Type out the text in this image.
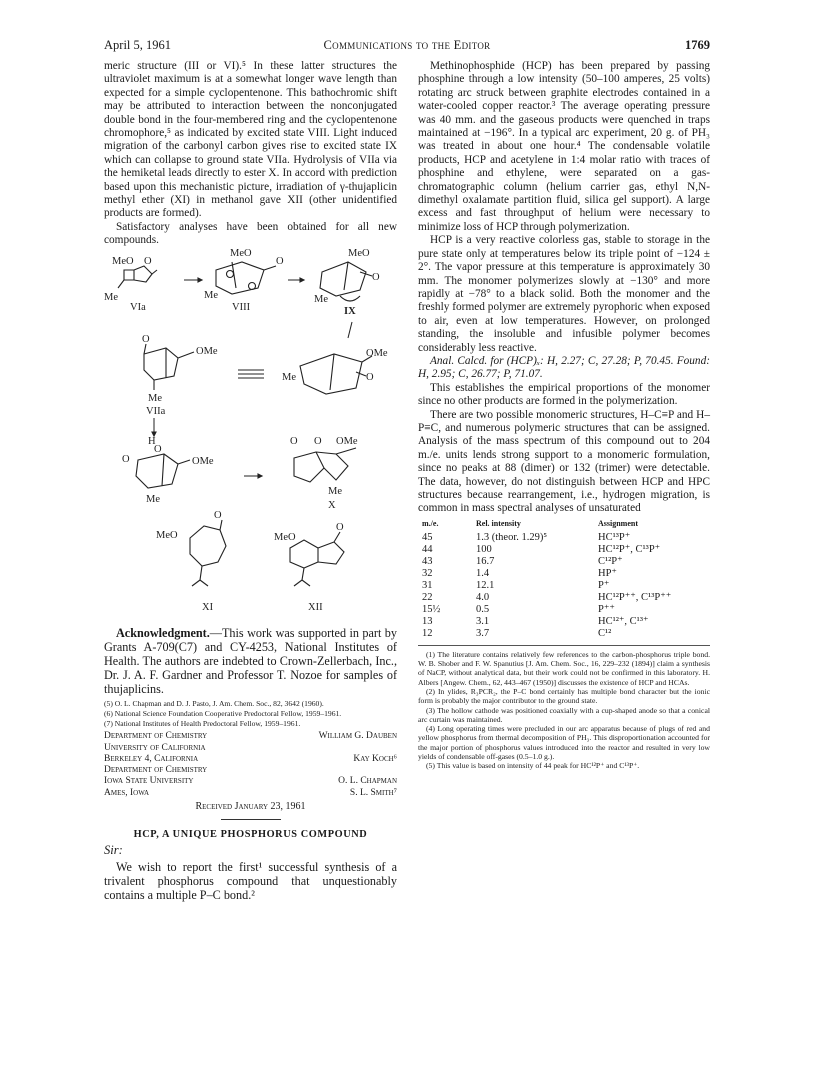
April 5, 1961	Communications to the Editor	1769

meric structure (III or VI).⁵ In these latter structures the ultraviolet maximum is at a somewhat longer wave length than expected for a simple cyclopentenone. This bathochromic shift may be attributed to interaction between the nonconjugated double bond in the four-membered ring and the cyclopentenone chromophore,⁵ as indicated by excited state VIII. Light induced migration of the carbonyl carbon gives rise to excited state IX which can collapse to ground state VIIa. Hydrolysis of VIIa via the hemiketal leads directly to ester X. In accord with prediction based upon this mechanistic picture, irradiation of γ-thujaplicin methyl ether (XI) in methanol gave XII (other unidentified products are formed).

Satisfactory analyses have been obtained for all new compounds.

MeO O
Me
VIa
MeO
O
Me
VIII
MeO
O
Me
IX
O
OMe
Me
VIIa
Me
OMe
O
H
O
O
OMe
Me
O O OMe
Me
X
MeO
O
XI
MeO
O
XII

Acknowledgment.—This work was supported in part by Grants A-709(C7) and CY-4253, National Institutes of Health. The authors are indebted to Crown-Zellerbach, Inc., Dr. J. A. F. Gardner and Professor T. Nozoe for samples of thujaplicins.

(5) O. L. Chapman and D. J. Pasto, J. Am. Chem. Soc., 82, 3642 (1960).

(6) National Science Foundation Cooperative Predoctoral Fellow, 1959–1961.

(7) National Institutes of Health Predoctoral Fellow, 1959–1961.

Department of Chemistry	William G. Dauben
University of California
Berkeley 4, California	Kay Koch⁶
Department of Chemistry
Iowa State University	O. L. Chapman
Ames, Iowa	S. L. Smith⁷
Received January 23, 1961
HCP, A UNIQUE PHOSPHORUS COMPOUND
Sir:

We wish to report the first¹ successful synthesis of a trivalent phosphorus compound that unquestionably contains a multiple P–C bond.²

Methinophosphide (HCP) has been prepared by passing phosphine through a low intensity (50–100 amperes, 25 volts) rotating arc struck between graphite electrodes contained in a water-cooled copper reactor.³ The average operating pressure was 40 mm. and the gaseous products were quenched in traps maintained at −196°. In a typical arc experiment, 20 g. of PH₃ was treated in about one hour.⁴ The condensable volatile products, HCP and acetylene in 1:4 molar ratio with traces of phosphine and ethylene, were separated on a gas-chromatographic column (helium carrier gas, ethyl N,N-dimethyl oxalamate partition fluid, silica gel support). A large excess and fast throughput of helium were necessary to minimize loss of HCP through polymerization.

HCP is a very reactive colorless gas, stable to storage in the pure state only at temperatures below its triple point of −124 ± 2°. The vapor pressure at this temperature is approximately 30 mm. The monomer polymerizes slowly at −130° and more rapidly at −78° to a black solid. Both the monomer and the freshly formed polymer are extremely pyrophoric when exposed to air, even at low temperatures. However, on prolonged standing, the insoluble and infusible polymer becomes considerably less reactive.

Anal. Calcd. for (HCP)ₓ: H, 2.27; C, 27.28; P, 70.45. Found: H, 2.95; C, 26.77; P, 71.07.

This establishes the empirical proportions of the monomer since no other products are formed in the polymerization.

There are two possible monomeric structures, H–C≡P and H–P≡C, and numerous polymeric structures that can be assigned. Analysis of the mass spectrum of this compound out to 204 m./e. units lends strong support to a monomeric formulation, since no peaks at 88 (dimer) or 132 (trimer) were detectable. The data, however, do not distinguish between HCP and HPC structures because rearrangement, i.e., hydrogen migration, is common in mass spectral analyses of unsaturated

m./e.	Rel. intensity	Assignment
45	1.3 (theor. 1.29)⁵	HC¹³P⁺
44	100	HC¹²P⁺, C¹³P⁺
43	16.7	C¹²P⁺
32	1.4	HP⁺
31	12.1	P⁺
22	4.0	HC¹²P⁺⁺, C¹³P⁺⁺
15½	0.5	P⁺⁺
13	3.1	HC¹²⁺, C¹³⁺
12	3.7	C¹²

(1) The literature contains relatively few references to the carbon-phosphorus triple bond. W. B. Shober and F. W. Spanutius [J. Am. Chem. Soc., 16, 229–232 (1894)] claim a synthesis of NaCP, without analytical data, but their work could not be confirmed in this laboratory. H. Albers [Angew. Chem., 62, 443–467 (1950)] discusses the existence of HCP and HCAs.

(2) In ylides, R₃PCR₂, the P–C bond certainly has multiple bond character but the ionic form is probably the major contributor to the ground state.

(3) The hollow cathode was positioned coaxially with a cup-shaped anode so that a conical arc curtain was maintained.

(4) Long operating times were precluded in our arc apparatus because of plugs of red and yellow phosphorus from thermal decomposition of PH₃. This disproportionation accounted for the major portion of phosphorus values introduced into the reactor and resulted in very low yields of condensable off-gases (0.5–1.0 g.).

(5) This value is based on intensity of 44 peak for HC¹²P⁺ and C¹³P⁺.
